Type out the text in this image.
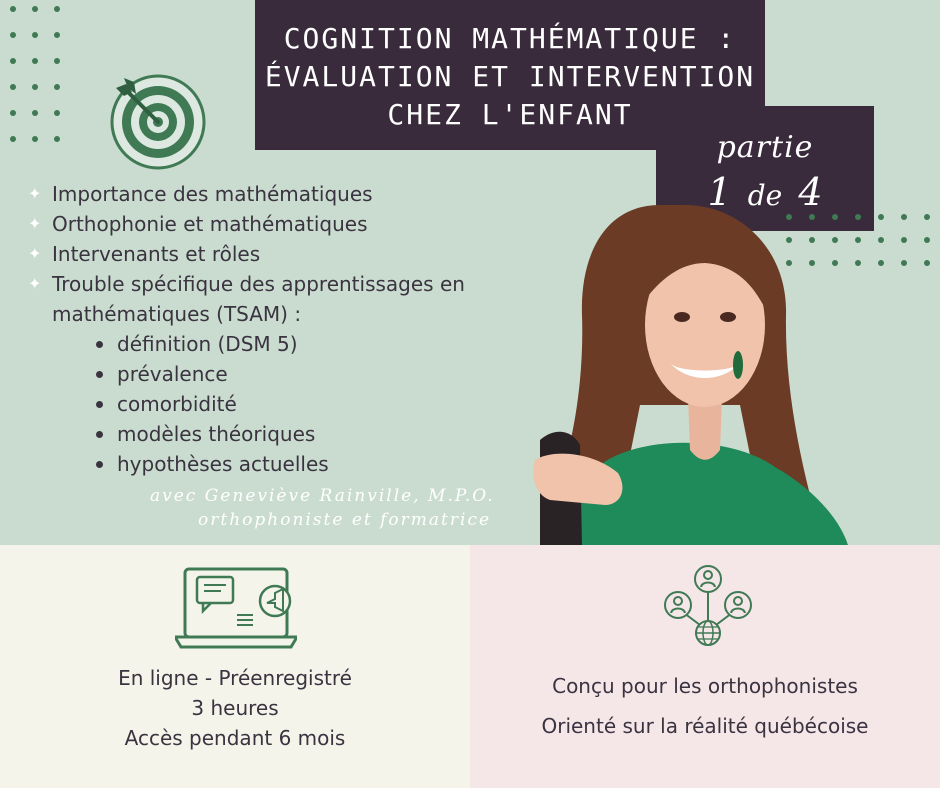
COGNITION MATHÉMATIQUE :
ÉVALUATION ET INTERVENTION
CHEZ L'ENFANT
partie
1 de 4
✦ Importance des mathématiques
✦ Orthophonie et mathématiques
✦ Intervenants et rôles
✦ Trouble spécifique des apprentissages en mathématiques (TSAM) :
définition (DSM 5)
prévalence
comorbidité
modèles théoriques
hypothèses actuelles
avec Geneviève Rainville, M.P.O.
orthophoniste et formatrice
En ligne - Préenregistré
3 heures
Accès pendant 6 mois
Conçu pour les orthophonistes
Orienté sur la réalité québécoise
